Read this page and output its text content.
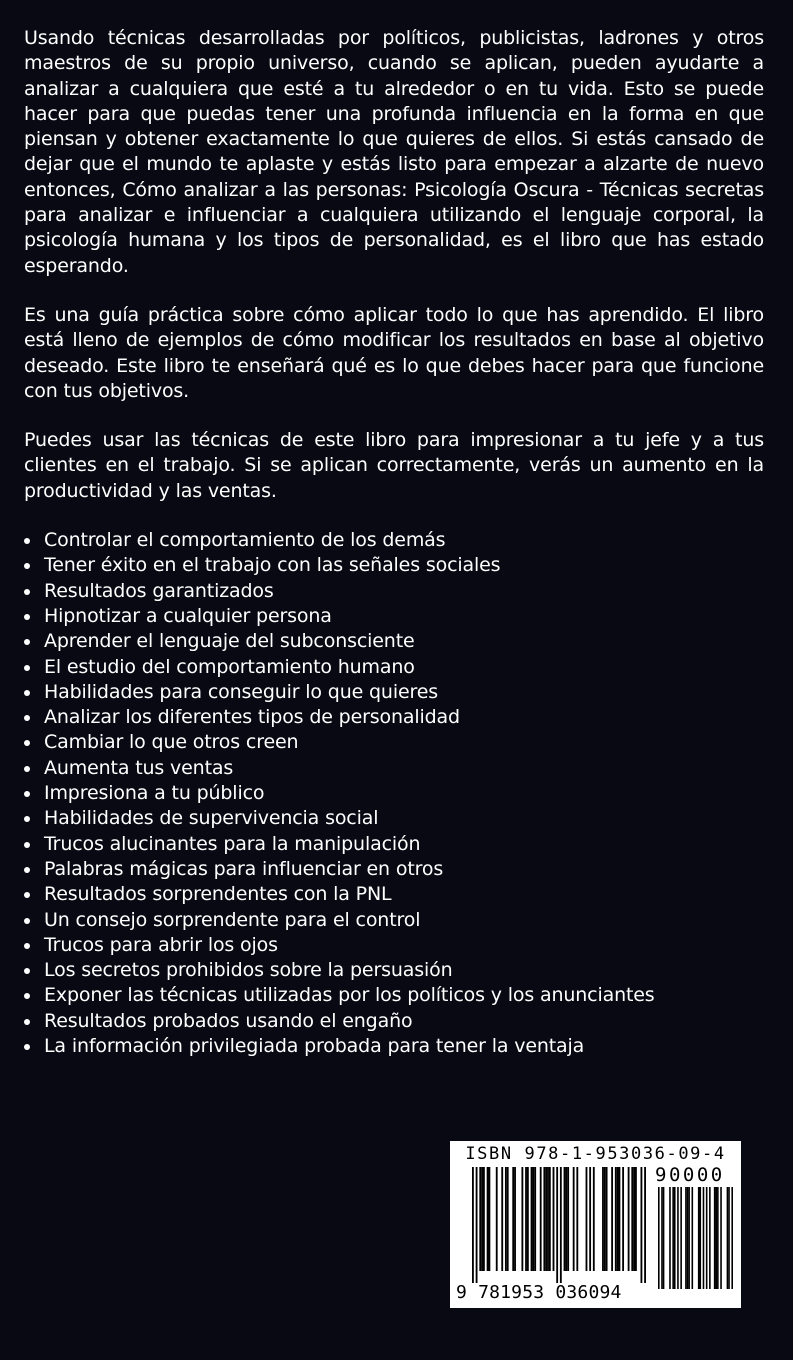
Usando técnicas desarrolladas por políticos, publicistas, ladrones y otros maestros de su propio universo, cuando se aplican, pueden ayudarte a analizar a cualquiera que esté a tu alrededor o en tu vida. Esto se puede hacer para que puedas tener una profunda influencia en la forma en que piensan y obtener exactamente lo que quieres de ellos. Si estás cansado de dejar que el mundo te aplaste y estás listo para empezar a alzarte de nuevo entonces, Cómo analizar a las personas: Psicología Oscura - Técnicas secretas para analizar e influenciar a cualquiera utilizando el lenguaje corporal, la psicología humana y los tipos de personalidad, es el libro que has estado esperando.

Es una guía práctica sobre cómo aplicar todo lo que has aprendido. El libro está lleno de ejemplos de cómo modificar los resultados en base al objetivo deseado. Este libro te enseñará qué es lo que debes hacer para que funcione con tus objetivos.

Puedes usar las técnicas de este libro para impresionar a tu jefe y a tus clientes en el trabajo. Si se aplican correctamente, verás un aumento en la productividad y las ventas.

Controlar el comportamiento de los demás
Tener éxito en el trabajo con las señales sociales
Resultados garantizados
Hipnotizar a cualquier persona
Aprender el lenguaje del subconsciente
El estudio del comportamiento humano
Habilidades para conseguir lo que quieres
Analizar los diferentes tipos de personalidad
Cambiar lo que otros creen
Aumenta tus ventas
Impresiona a tu público
Habilidades de supervivencia social
Trucos alucinantes para la manipulación
Palabras mágicas para influenciar en otros
Resultados sorprendentes con la PNL
Un consejo sorprendente para el control
Trucos para abrir los ojos
Los secretos prohibidos sobre la persuasión
Exponer las técnicas utilizadas por los políticos y los anunciantes
Resultados probados usando el engaño
La información privilegiada probada para tener la ventaja
ISBN 978-1-953036-09-4
90000
9 781953 036094
